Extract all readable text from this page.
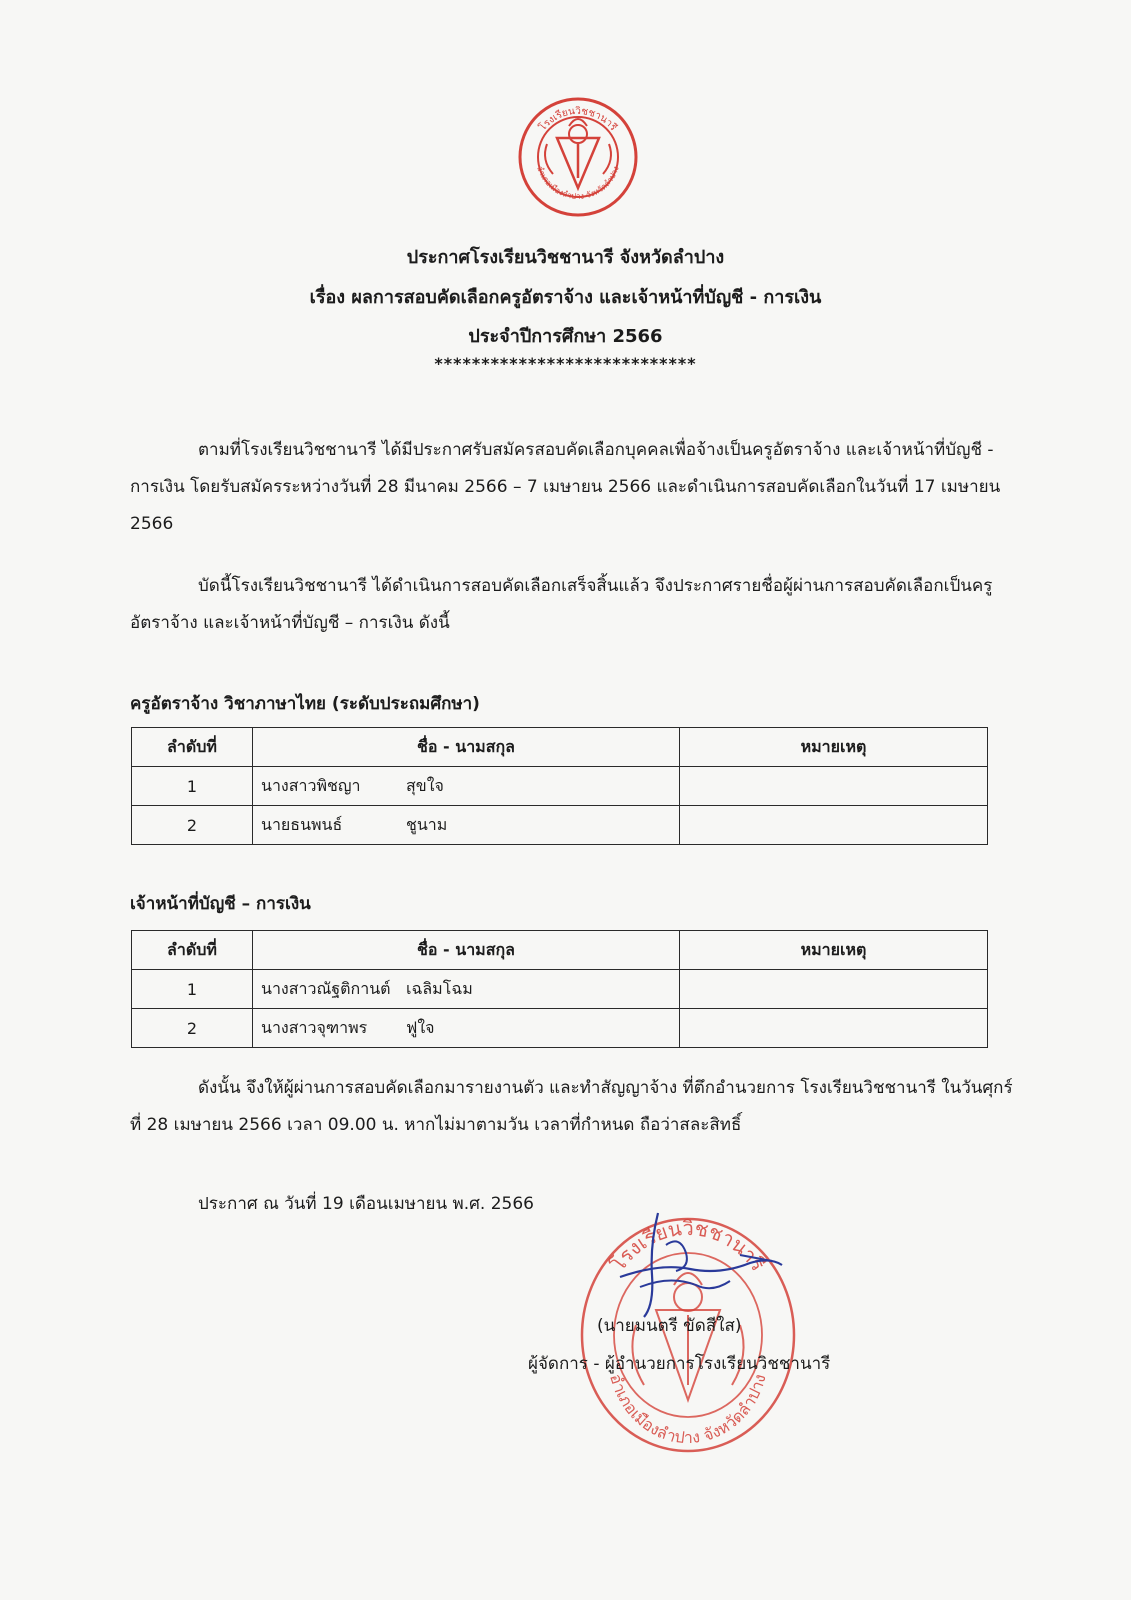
โรงเรียนวิชชานารี
อำเภอเมืองลำปาง จังหวัดลำปาง
ประกาศโรงเรียนวิชชานารี จังหวัดลำปาง
เรื่อง ผลการสอบคัดเลือกครูอัตราจ้าง และเจ้าหน้าที่บัญชี - การเงิน
ประจำปีการศึกษา 2566
****************************
ตามที่โรงเรียนวิชชานารี ได้มีประกาศรับสมัครสอบคัดเลือกบุคคลเพื่อจ้างเป็นครูอัตราจ้าง และเจ้าหน้าที่บัญชี - การเงิน โดยรับสมัครระหว่างวันที่ 28 มีนาคม 2566 – 7 เมษายน 2566 และดำเนินการสอบคัดเลือกในวันที่ 17 เมษายน 2566
บัดนี้โรงเรียนวิชชานารี ได้ดำเนินการสอบคัดเลือกเสร็จสิ้นแล้ว จึงประกาศรายชื่อผู้ผ่านการสอบคัดเลือกเป็นครูอัตราจ้าง และเจ้าหน้าที่บัญชี – การเงิน ดังนี้
ครูอัตราจ้าง วิชาภาษาไทย (ระดับประถมศึกษา)
ลำดับที่	ชื่อ - นามสกุล	หมายเหตุ
1	นางสาวพิชญา สุขใจ	
2	นายธนพนธ์ ชูนาม	
เจ้าหน้าที่บัญชี – การเงิน
ลำดับที่	ชื่อ - นามสกุล	หมายเหตุ
1	นางสาวณัฐติกานต์ เฉลิมโฉม	
2	นางสาวจุฑาพร ฟูใจ	
ดังนั้น จึงให้ผู้ผ่านการสอบคัดเลือกมารายงานตัว และทำสัญญาจ้าง ที่ตึกอำนวยการ โรงเรียนวิชชานารี ในวันศุกร์ที่ 28 เมษายน 2566 เวลา 09.00 น. หากไม่มาตามวัน เวลาที่กำหนด ถือว่าสละสิทธิ์
ประกาศ ณ วันที่ 19 เดือนเมษายน พ.ศ. 2566
โรงเรียนวิชชานารี
อำเภอเมืองลำปาง จังหวัดลำปาง
(นายมนตรี ขัดสีใส)
ผู้จัดการ - ผู้อำนวยการโรงเรียนวิชชานารี
